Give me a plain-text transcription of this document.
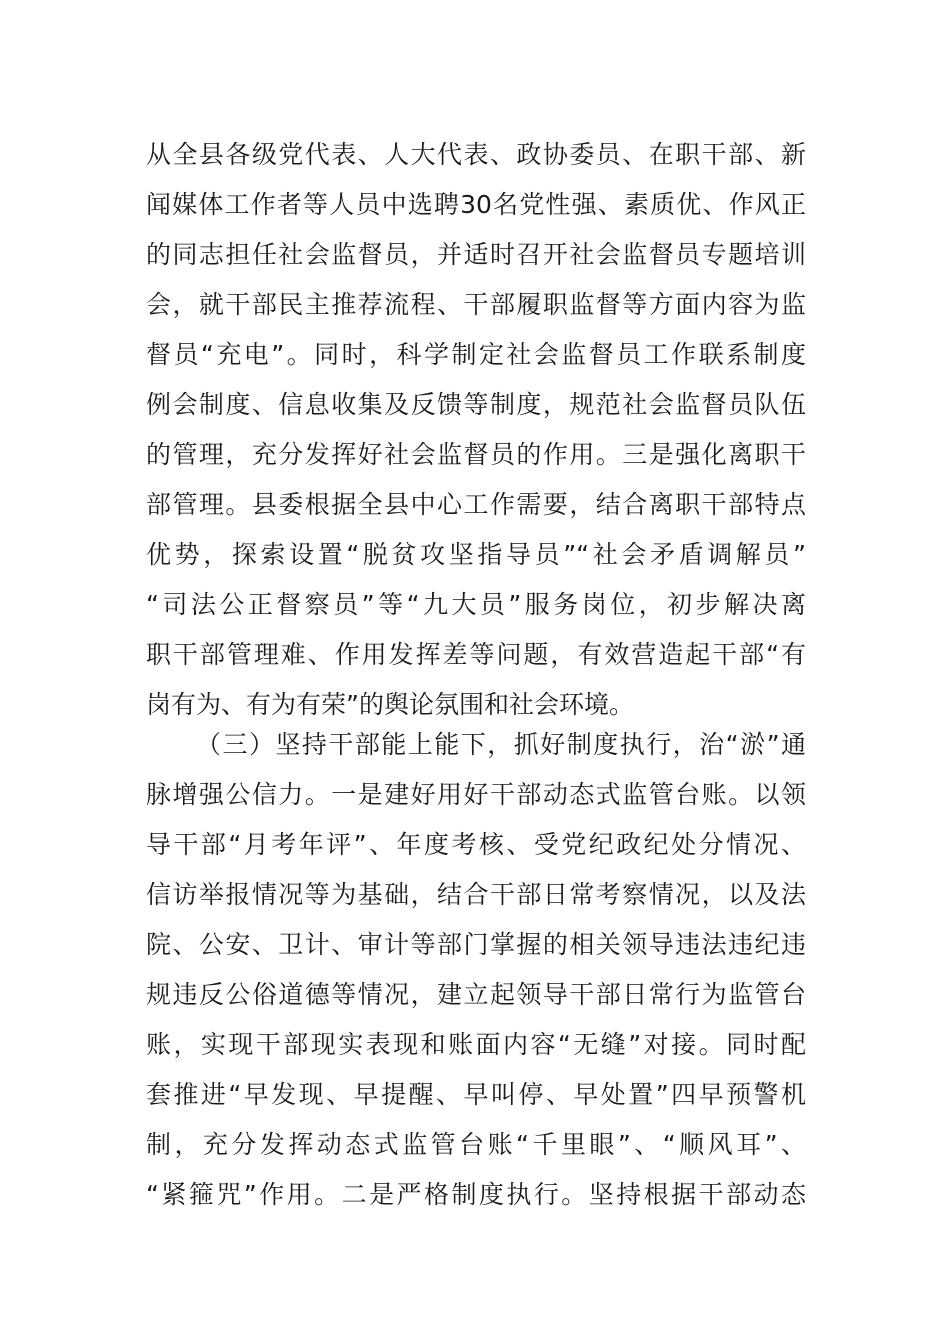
从全县各级党代表、人大代表、政协委员、在职干部、新
闻媒体工作者等人员中选聘30名党性强、素质优、作风正
的同志担任社会监督员，并适时召开社会监督员专题培训
会，就干部民主推荐流程、干部履职监督等方面内容为监
督员“充电”。同时，科学制定社会监督员工作联系制度
例会制度、信息收集及反馈等制度，规范社会监督员队伍
的管理，充分发挥好社会监督员的作用。三是强化离职干
部管理。县委根据全县中心工作需要，结合离职干部特点
优势，探索设置“脱贫攻坚指导员”“社会矛盾调解员”
“司法公正督察员”等“九大员”服务岗位，初步解决离
职干部管理难、作用发挥差等问题，有效营造起干部“有
岗有为、有为有荣”的舆论氛围和社会环境。
（三）坚持干部能上能下，抓好制度执行，治“淤”通
脉增强公信力。一是建好用好干部动态式监管台账。以领
导干部“月考年评”、年度考核、受党纪政纪处分情况、
信访举报情况等为基础，结合干部日常考察情况，以及法
院、公安、卫计、审计等部门掌握的相关领导违法违纪违
规违反公俗道德等情况，建立起领导干部日常行为监管台
账，实现干部现实表现和账面内容“无缝”对接。同时配
套推进“早发现、早提醒、早叫停、早处置”四早预警机
制，充分发挥动态式监管台账“千里眼”、“顺风耳”、
“紧箍咒”作用。二是严格制度执行。坚持根据干部动态
